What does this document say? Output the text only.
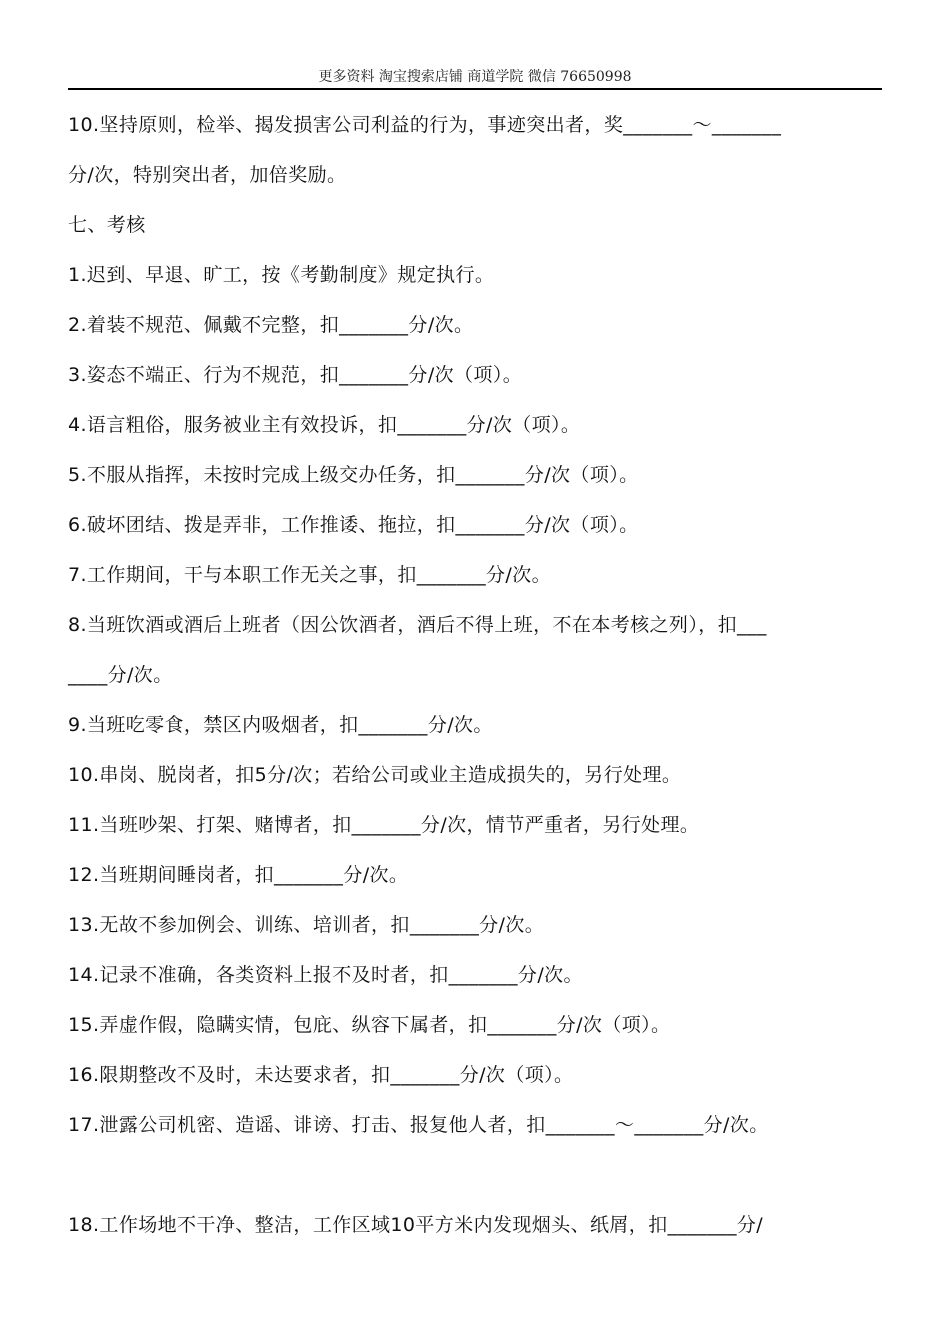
更多资料 淘宝搜索店铺 商道学院 微信 76650998
10.坚持原则，检举、揭发损害公司利益的行为，事迹突出者，奖_______～_______
分/次，特别突出者，加倍奖励。
七、考核
1.迟到、早退、旷工，按《考勤制度》规定执行。
2.着装不规范、佩戴不完整，扣_______分/次。
3.姿态不端正、行为不规范，扣_______分/次（项）。
4.语言粗俗，服务被业主有效投诉，扣_______分/次（项）。
5.不服从指挥，未按时完成上级交办任务，扣_______分/次（项）。
6.破坏团结、拨是弄非，工作推诿、拖拉，扣_______分/次（项）。
7.工作期间，干与本职工作无关之事，扣_______分/次。
8.当班饮酒或酒后上班者（因公饮酒者，酒后不得上班，不在本考核之列），扣___
____分/次。
9.当班吃零食，禁区内吸烟者，扣_______分/次。
10.串岗、脱岗者，扣5分/次；若给公司或业主造成损失的，另行处理。
11.当班吵架、打架、赌博者，扣_______分/次，情节严重者，另行处理。
12.当班期间睡岗者，扣_______分/次。
13.无故不参加例会、训练、培训者，扣_______分/次。
14.记录不准确，各类资料上报不及时者，扣_______分/次。
15.弄虚作假，隐瞒实情，包庇、纵容下属者，扣_______分/次（项）。
16.限期整改不及时，未达要求者，扣_______分/次（项）。
17.泄露公司机密、造谣、诽谤、打击、报复他人者，扣_______～_______分/次。
18.工作场地不干净、整洁，工作区域10平方米内发现烟头、纸屑，扣_______分/
